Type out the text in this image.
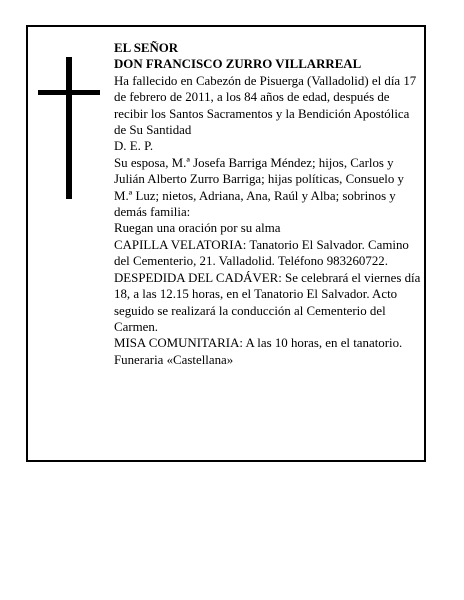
EL SEÑOR

DON FRANCISCO ZURRO VILLARREAL

Ha fallecido en Cabezón de Pisuerga (Valladolid) el día 17 de febrero de 2011, a los 84 años de edad, después de recibir los Santos Sacramentos y la Bendición Apostólica de Su Santidad

D. E. P.

Su esposa, M.ª Josefa Barriga Méndez; hijos, Carlos y Julián Alberto Zurro Barriga; hijas políticas, Consuelo y M.ª Luz; nietos, Adriana, Ana, Raúl y Alba; sobrinos y demás familia:

Ruegan una oración por su alma

CAPILLA VELATORIA: Tanatorio El Salvador. Camino del Cementerio, 21. Valladolid. Teléfono 983260722.

DESPEDIDA DEL CADÁVER: Se celebrará el viernes día 18, a las 12.15 horas, en el Tanatorio El Salvador. Acto seguido se realizará la conducción al Cementerio del Carmen.

MISA COMUNITARIA: A las 10 horas, en el tanatorio.

Funeraria «Castellana»
